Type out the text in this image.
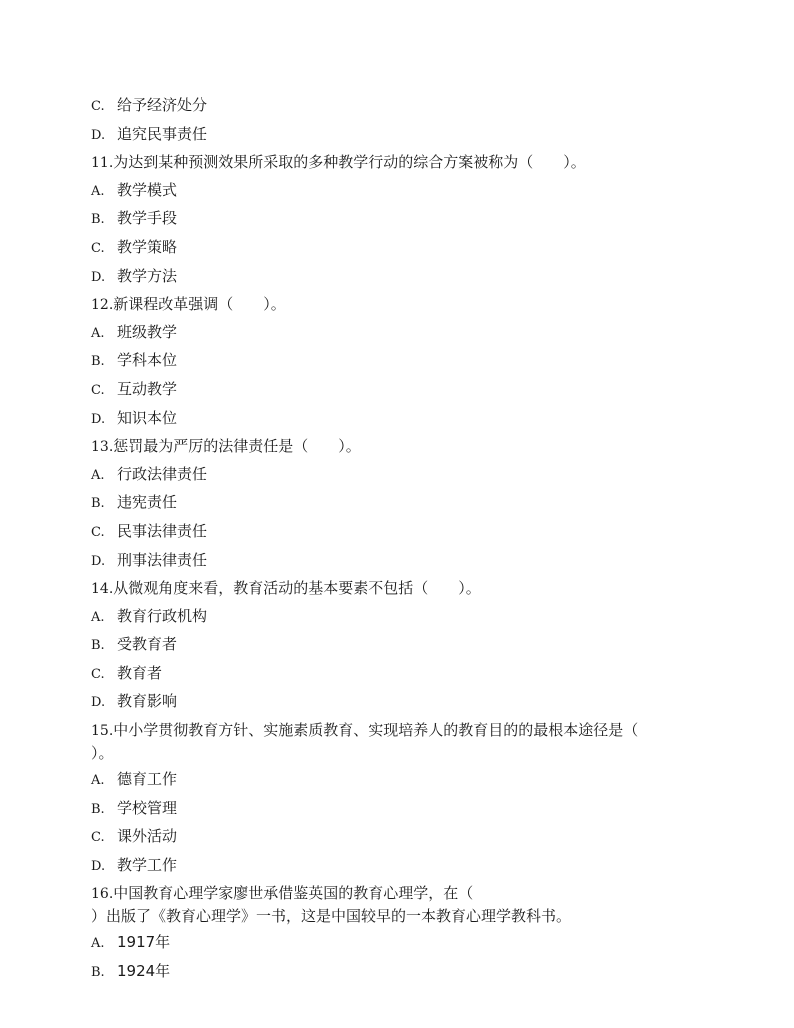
C. 给予经济处分
D. 追究民事责任
11.为达到某种预测效果所采取的多种教学行动的综合方案被称为（　　）。
A. 教学模式
B. 教学手段
C. 教学策略
D. 教学方法
12.新课程改革强调（　　）。
A. 班级教学
B. 学科本位
C. 互动教学
D. 知识本位
13.惩罚最为严厉的法律责任是（　　）。
A. 行政法律责任
B. 违宪责任
C. 民事法律责任
D. 刑事法律责任
14.从微观角度来看，教育活动的基本要素不包括（　　）。
A. 教育行政机构
B. 受教育者
C. 教育者
D. 教育影响
15.中小学贯彻教育方针、实施素质教育、实现培养人的教育目的的最根本途径是（
）。
A. 德育工作
B. 学校管理
C. 课外活动
D. 教学工作
16.中国教育心理学家廖世承借鉴英国的教育心理学，在（
）出版了《教育心理学》一书，这是中国较早的一本教育心理学教科书。
A. 1917年
B. 1924年
